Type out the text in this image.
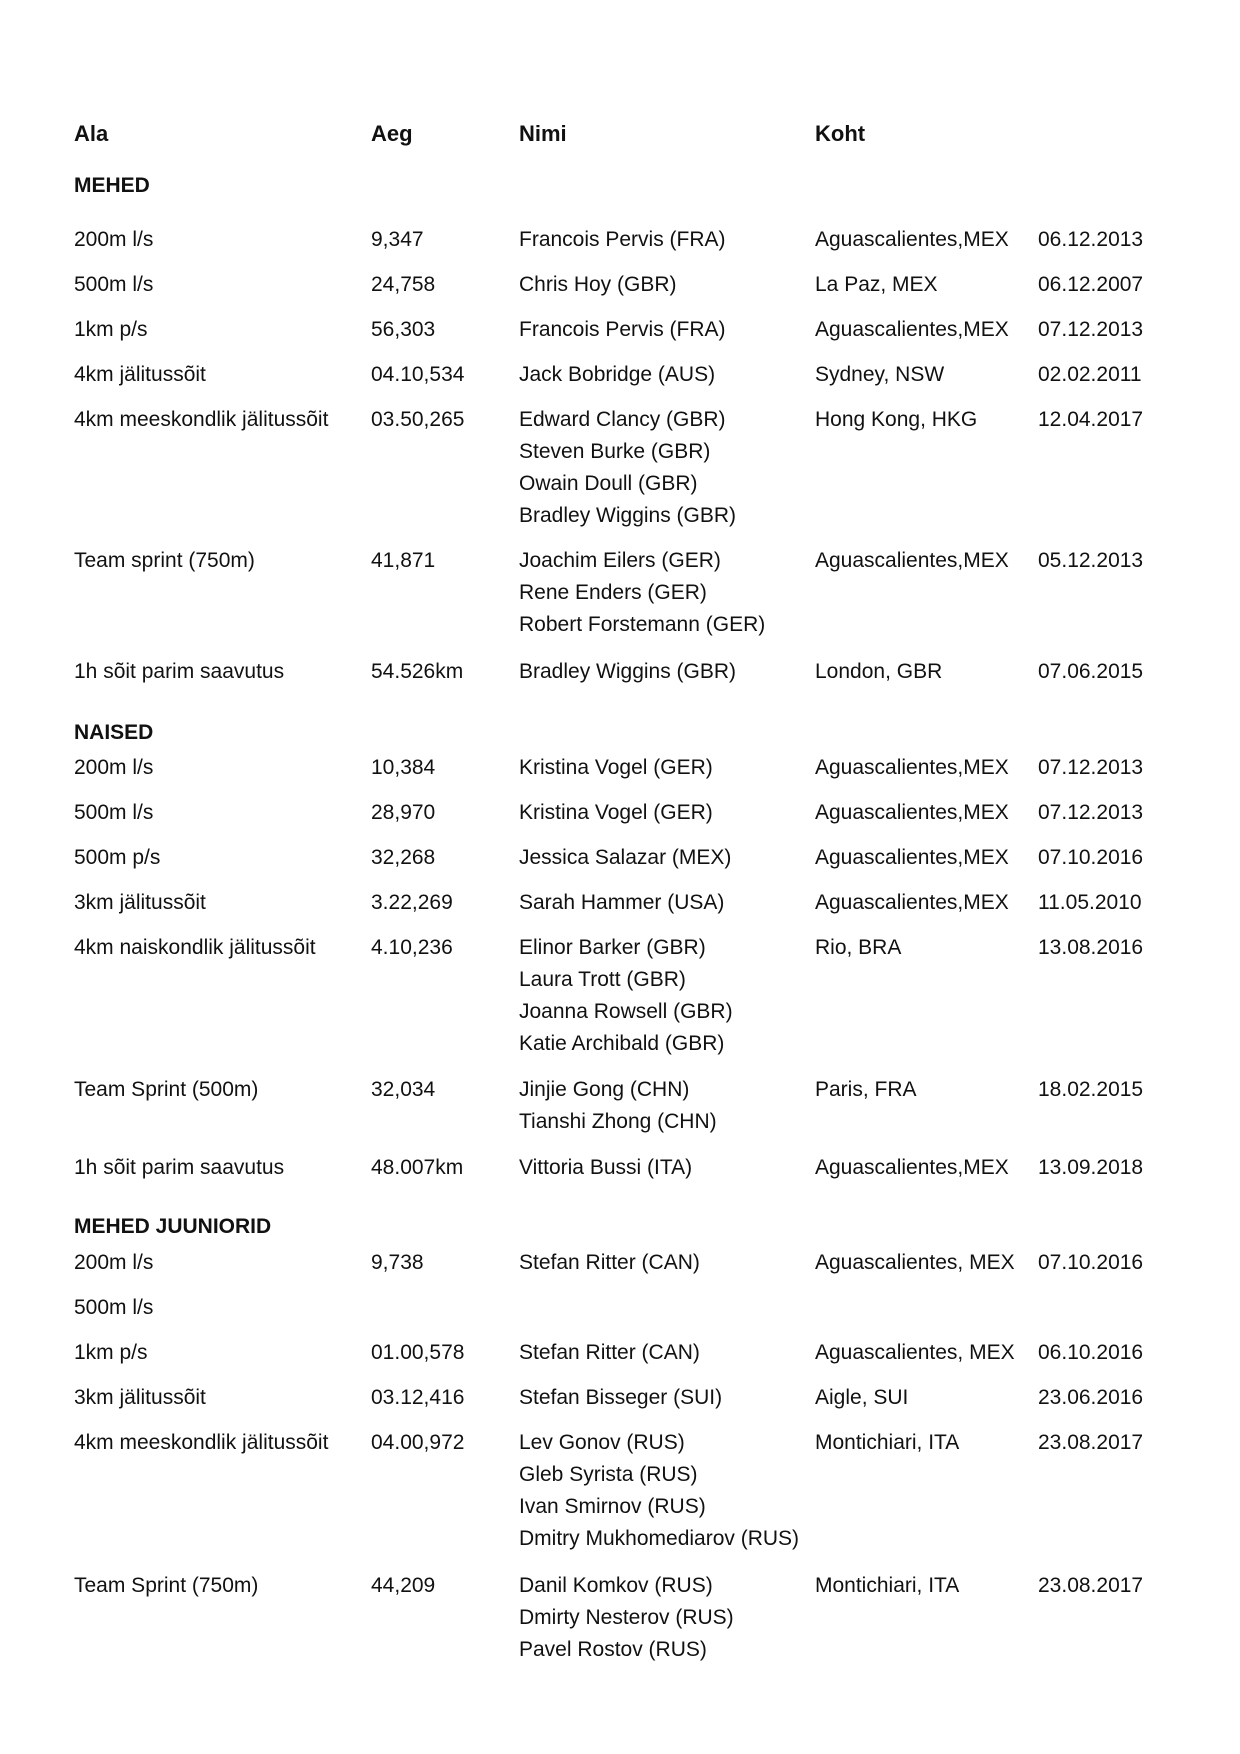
Ala	Aeg	Nimi	Koht
MEHED
200m l/s	9,347	Francois Pervis (FRA)	Aguascalientes,MEX 06.12.2013
500m l/s	24,758	Chris Hoy (GBR)	La Paz, MEX	06.12.2007
1km p/s	56,303	Francois Pervis (FRA)	Aguascalientes,MEX 07.12.2013
4km jälitussõit	04.10,534	Jack Bobridge (AUS)	Sydney, NSW	02.02.2011
4km meeskondlik jälitussõit 03.50,265	Edward Clancy (GBR)
Steven Burke (GBR)
Owain Doull (GBR)
Bradley Wiggins (GBR)
Hong Kong, HKG	12.04.2017
Team sprint (750m)	41,871	Joachim Eilers (GER)
Rene Enders (GER)
Robert Forstemann (GER)
Aguascalientes,MEX 05.12.2013
1h sõit parim saavutus	54.526km	Bradley Wiggins (GBR)	London, GBR	07.06.2015
NAISED
200m l/s	10,384	Kristina Vogel (GER)	Aguascalientes,MEX 07.12.2013
500m l/s	28,970	Kristina Vogel (GER)	Aguascalientes,MEX 07.12.2013
500m p/s	32,268	Jessica Salazar (MEX)	Aguascalientes,MEX 07.10.2016
3km jälitussõit	3.22,269	Sarah Hammer (USA)	Aguascalientes,MEX 11.05.2010
4km naiskondlik jälitussõit	4.10,236	Elinor Barker (GBR)
Laura Trott (GBR)
Joanna Rowsell (GBR)
Katie Archibald (GBR)
Rio, BRA	13.08.2016
Team Sprint (500m)	32,034	Jinjie Gong (CHN)
Tianshi Zhong (CHN)
Paris, FRA	18.02.2015
1h sõit parim saavutus	48.007km	Vittoria Bussi (ITA)	Aguascalientes,MEX 13.09.2018
MEHED JUUNIORID
200m l/s	9,738	Stefan Ritter (CAN)	Aguascalientes, MEX 07.10.2016
500m l/s
1km p/s	01.00,578	Stefan Ritter (CAN)	Aguascalientes, MEX 06.10.2016
3km jälitussõit	03.12,416	Stefan Bisseger (SUI)	Aigle, SUI	23.06.2016
4km meeskondlik jälitussõit 04.00,972	Lev Gonov (RUS)
Gleb Syrista (RUS)
Ivan Smirnov (RUS)
Dmitry Mukhomediarov (RUS)
Montichiari, ITA	23.08.2017
Team Sprint (750m)	44,209	Danil Komkov (RUS)
Dmirty Nesterov (RUS)
Pavel Rostov (RUS)
Montichiari, ITA	23.08.2017
